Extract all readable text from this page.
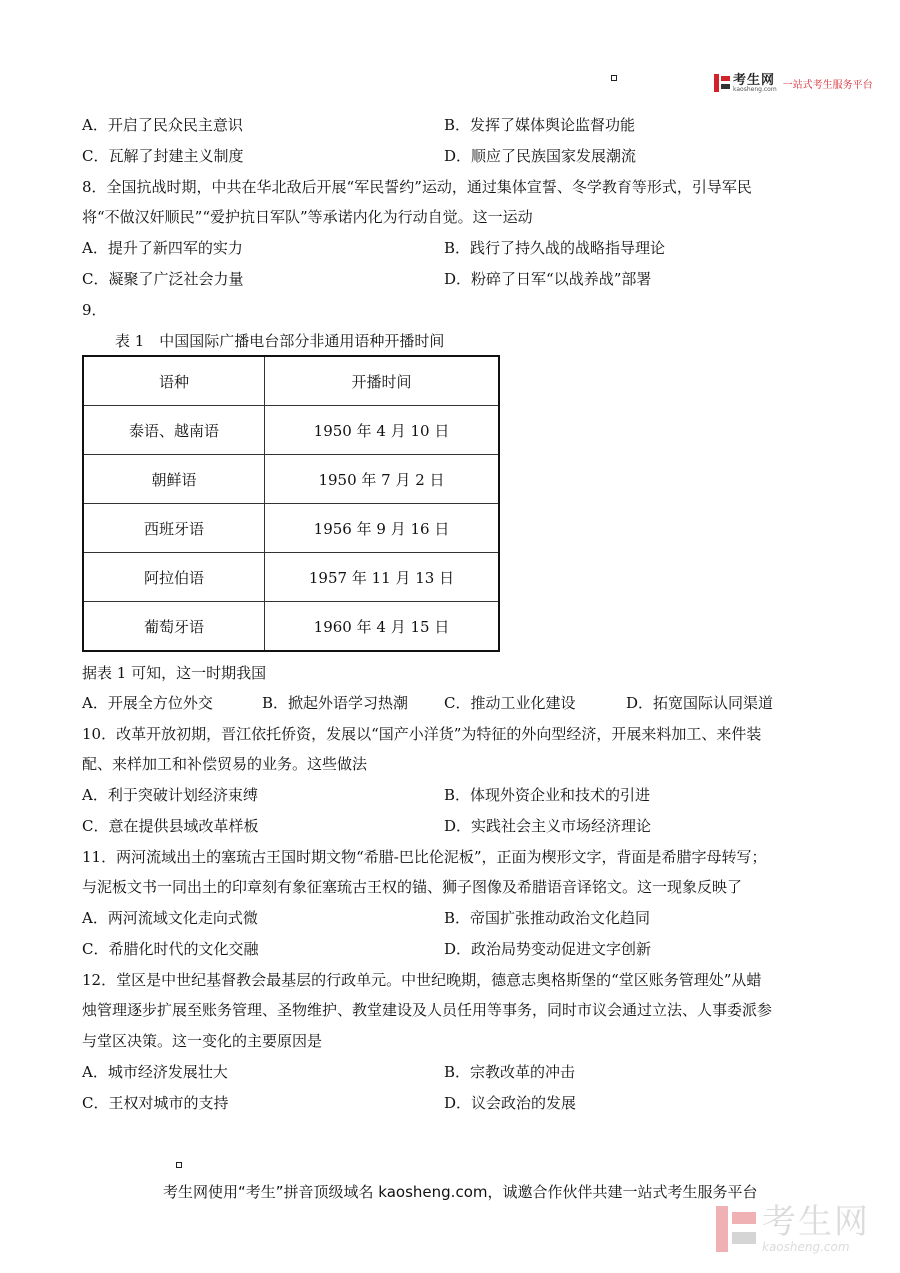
考生网
kaosheng.com 一站式考生服务平台
A．开启了民众民主意识	B．发挥了媒体舆论监督功能
C．瓦解了封建主义制度	D．顺应了民族国家发展潮流
8．全国抗战时期，中共在华北敌后开展“军民誓约”运动，通过集体宣誓、冬学教育等形式，引导军民
将“不做汉奸顺民”“爱护抗日军队”等承诺内化为行动自觉。这一运动
A．提升了新四军的实力	B．践行了持久战的战略指导理论
C．凝聚了广泛社会力量	D．粉碎了日军“以战养战”部署
9．
表 1　中国国际广播电台部分非通用语种开播时间
语种	开播时间
泰语、越南语	1950 年 4 月 10 日
朝鲜语	1950 年 7 月 2 日
西班牙语	1956 年 9 月 16 日
阿拉伯语	1957 年 11 月 13 日
葡萄牙语	1960 年 4 月 15 日
据表 1 可知，这一时期我国
A．开展全方位外交	B．掀起外语学习热潮 C．推动工业化建设	D．拓宽国际认同渠道
10．改革开放初期，晋江依托侨资，发展以“国产小洋货”为特征的外向型经济，开展来料加工、来件装
配、来样加工和补偿贸易的业务。这些做法
A．利于突破计划经济束缚	B．体现外资企业和技术的引进
C．意在提供县域改革样板	D．实践社会主义市场经济理论
11．两河流域出土的塞琉古王国时期文物“希腊-巴比伦泥板”，正面为楔形文字，背面是希腊字母转写；
与泥板文书一同出土的印章刻有象征塞琉古王权的锚、狮子图像及希腊语音译铭文。这一现象反映了
A．两河流域文化走向式微	B．帝国扩张推动政治文化趋同
C．希腊化时代的文化交融	D．政治局势变动促进文字创新
12．堂区是中世纪基督教会最基层的行政单元。中世纪晚期，德意志奥格斯堡的“堂区账务管理处”从蜡
烛管理逐步扩展至账务管理、圣物维护、教堂建设及人员任用等事务，同时市议会通过立法、人事委派参
与堂区决策。这一变化的主要原因是
A．城市经济发展壮大	B．宗教改革的冲击
C．王权对城市的支持	D．议会政治的发展
考生网使用“考生”拼音顶级域名 kaosheng.com，诚邀合作伙伴共建一站式考生服务平台
考生网
kaosheng.com
